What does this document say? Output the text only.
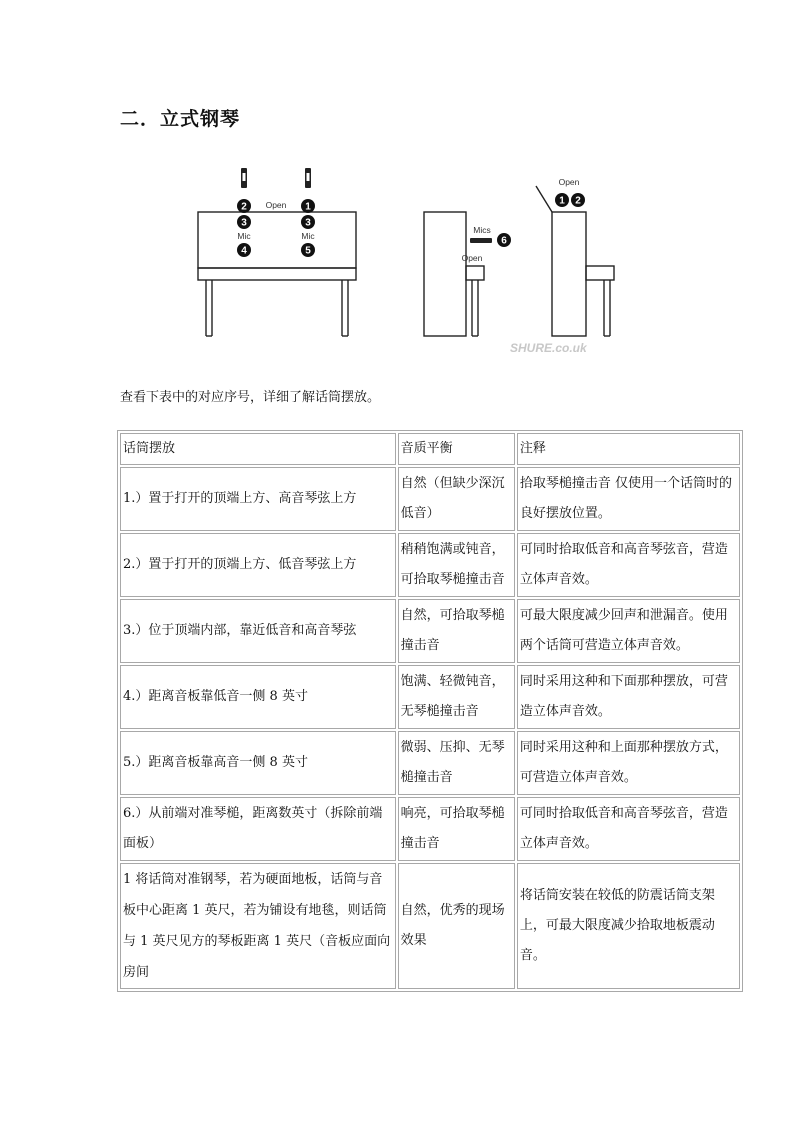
二．立式钢琴
2	1
3	3
4	5
6
1 2
Open
Mic	Mic
Mics
Open
Open
SHURE.co.uk
查看下表中的对应序号，详细了解话筒摆放。
话筒摆放	音质平衡	注释
1.）置于打开的顶端上方、高音琴弦上方	自然（但缺少深沉低音）	拾取琴槌撞击音 仅使用一个话筒时的良好摆放位置。
2.）置于打开的顶端上方、低音琴弦上方	稍稍饱满或钝音，可拾取琴槌撞击音	可同时拾取低音和高音琴弦音，营造立体声音效。
3.）位于顶端内部，靠近低音和高音琴弦	自然，可拾取琴槌撞击音	可最大限度减少回声和泄漏音。使用两个话筒可营造立体声音效。
4.）距离音板靠低音一侧 8 英寸	饱满、轻微钝音，无琴槌撞击音	同时采用这种和下面那种摆放，可营造立体声音效。
5.）距离音板靠高音一侧 8 英寸	微弱、压抑、无琴槌撞击音	同时采用这种和上面那种摆放方式，可营造立体声音效。
6.）从前端对准琴槌，距离数英寸（拆除前端面板）	响亮，可拾取琴槌撞击音	可同时拾取低音和高音琴弦音，营造立体声音效。
1 将话筒对准钢琴，若为硬面地板，话筒与音板中心距离 1 英尺，若为铺设有地毯，则话筒与 1 英尺见方的琴板距离 1 英尺（音板应面向房间	自然，优秀的现场效果	将话筒安装在较低的防震话筒支架上，可最大限度减少拾取地板震动音。
